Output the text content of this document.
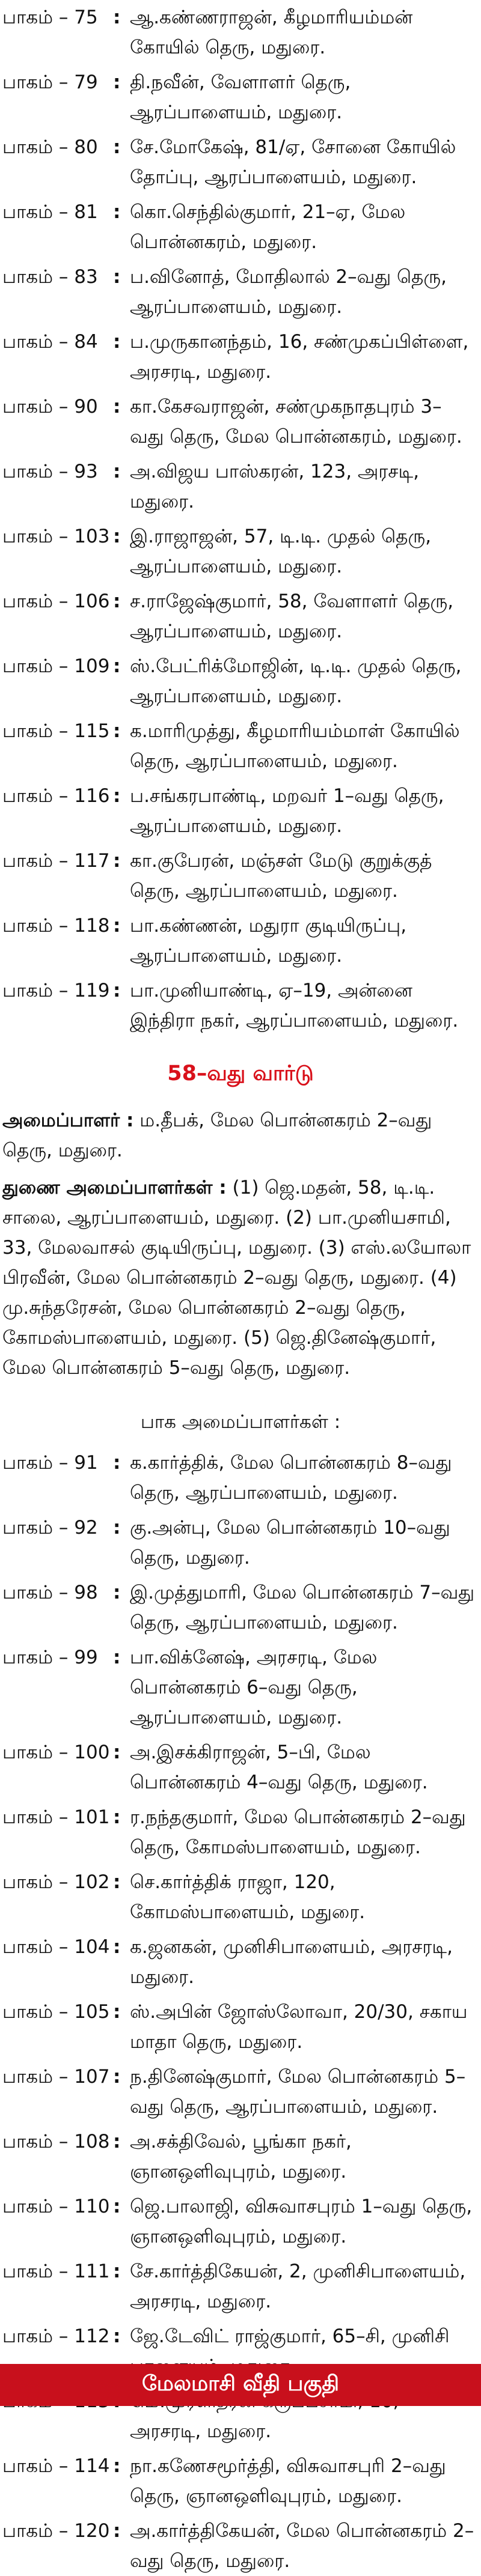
பாகம் – 75 : ஆ.கண்ணராஜன், கீழமாரியம்மன் கோயில் தெரு, மதுரை.
பாகம் – 79 : தி.நவீன், வேளாளர் தெரு, ஆரப்பாளையம், மதுரை.
பாகம் – 80 : சே.மோகேஷ், 81/ஏ, சோனை கோயில் தோப்பு, ஆரப்பாளையம், மதுரை.
பாகம் – 81 : கொ.செந்தில்குமார், 21–ஏ, மேல பொன்னகரம், மதுரை.
பாகம் – 83 : ப.வினோத், மோதிலால் 2–வது தெரு, ஆரப்பாளையம், மதுரை.
பாகம் – 84 : ப.முருகானந்தம், 16, சண்முகப்பிள்ளை, அரசரடி, மதுரை.
பாகம் – 90 : கா.கேசவராஜன், சண்முகநாதபுரம் 3–வது தெரு, மேல பொன்னகரம், மதுரை.
பாகம் – 93 : அ.விஜய பாஸ்கரன், 123, அரசடி, மதுரை.
பாகம் – 103 : இ.ராஜாஜன், 57, டி.டி. முதல் தெரு, ஆரப்பாளையம், மதுரை.
பாகம் – 106 : ச.ராஜேஷ்குமார், 58, வேளாளர் தெரு, ஆரப்பாளையம், மதுரை.
பாகம் – 109 : ஸ்.பேட்ரிக்மோஜின், டி.டி. முதல் தெரு, ஆரப்பாளையம், மதுரை.
பாகம் – 115 : க.மாரிமுத்து, கீழமாரியம்மாள் கோயில் தெரு, ஆரப்பாளையம், மதுரை.
பாகம் – 116 : ப.சங்கரபாண்டி, மறவர் 1–வது தெரு, ஆரப்பாளையம், மதுரை.
பாகம் – 117 : கா.குபேரன், மஞ்சள் மேடு குறுக்குத் தெரு, ஆரப்பாளையம், மதுரை.
பாகம் – 118 : பா.கண்ணன், மதுரா குடியிருப்பு, ஆரப்பாளையம், மதுரை.
பாகம் – 119 : பா.முனியாண்டி, ஏ–19, அன்னை இந்திரா நகர், ஆரப்பாளையம், மதுரை.
58–வது வார்டு
அமைப்பாளர் : ம.தீபக், மேல பொன்னகரம் 2–வது தெரு, மதுரை.
துணை அமைப்பாளர்கள் : (1) ஜெ.மதன், 58, டி.டி. சாலை, ஆரப்பாளையம், மதுரை. (2) பா.முனியசாமி, 33, மேலவாசல் குடியிருப்பு, மதுரை. (3) எஸ்.லயோலா பிரவீன், மேல பொன்னகரம் 2–வது தெரு, மதுரை. (4) மு.சுந்தரேசன், மேல பொன்னகரம் 2–வது தெரு, கோமஸ்பாளையம், மதுரை. (5) ஜெ.தினேஷ்குமார், மேல பொன்னகரம் 5–வது தெரு, மதுரை.
பாக அமைப்பாளர்கள் :
பாகம் – 91 : க.கார்த்திக், மேல பொன்னகரம் 8–வது தெரு, ஆரப்பாளையம், மதுரை.
பாகம் – 92 : கு.அன்பு, மேல பொன்னகரம் 10–வது தெரு, மதுரை.
பாகம் – 98 : இ.முத்துமாரி, மேல பொன்னகரம் 7–வது தெரு, ஆரப்பாளையம், மதுரை.
பாகம் – 99 : பா.விக்னேஷ், அரசரடி, மேல பொன்னகரம் 6–வது தெரு, ஆரப்பாளையம், மதுரை.
பாகம் – 100 : அ.இசக்கிராஜன், 5–பி, மேல பொன்னகரம் 4–வது தெரு, மதுரை.
பாகம் – 101 : ர.நந்தகுமார், மேல பொன்னகரம் 2–வது தெரு, கோமஸ்பாளையம், மதுரை.
பாகம் – 102 : செ.கார்த்திக் ராஜா, 120, கோமஸ்பாளையம், மதுரை.
பாகம் – 104 : க.ஜனகன், முனிசிபாளையம், அரசரடி, மதுரை.
பாகம் – 105 : ஸ்.அபின் ஜோஸ்லோவா, 20/30, சகாய மாதா தெரு, மதுரை.
பாகம் – 107 : ந.தினேஷ்குமார், மேல பொன்னகரம் 5–வது தெரு, ஆரப்பாளையம், மதுரை.
பாகம் – 108 : அ.சக்திவேல், பூங்கா நகர், ஞானஒளிவுபுரம், மதுரை.
பாகம் – 110 : ஜெ.பாலாஜி, விசுவாசபுரம் 1–வது தெரு, ஞானஒளிவுபுரம், மதுரை.
பாகம் – 111 : சே.கார்த்திகேயன், 2, முனிசிபாளையம், அரசரடி, மதுரை.
பாகம் – 112 : ஜே.டேவிட் ராஜ்குமார், 65–சி, முனிசி
அரசரடி, மதுரை.
பாகம் – 114 : நா.கணேசமூர்த்தி, விசுவாசபுரி 2–வது தெரு, ஞானஒளிவுபுரம், மதுரை.
பாகம் – 120 : அ.கார்த்திகேயன், மேல பொன்னகரம் 2–வது தெரு, மதுரை.
மேலமாசி வீதி பகுதி
